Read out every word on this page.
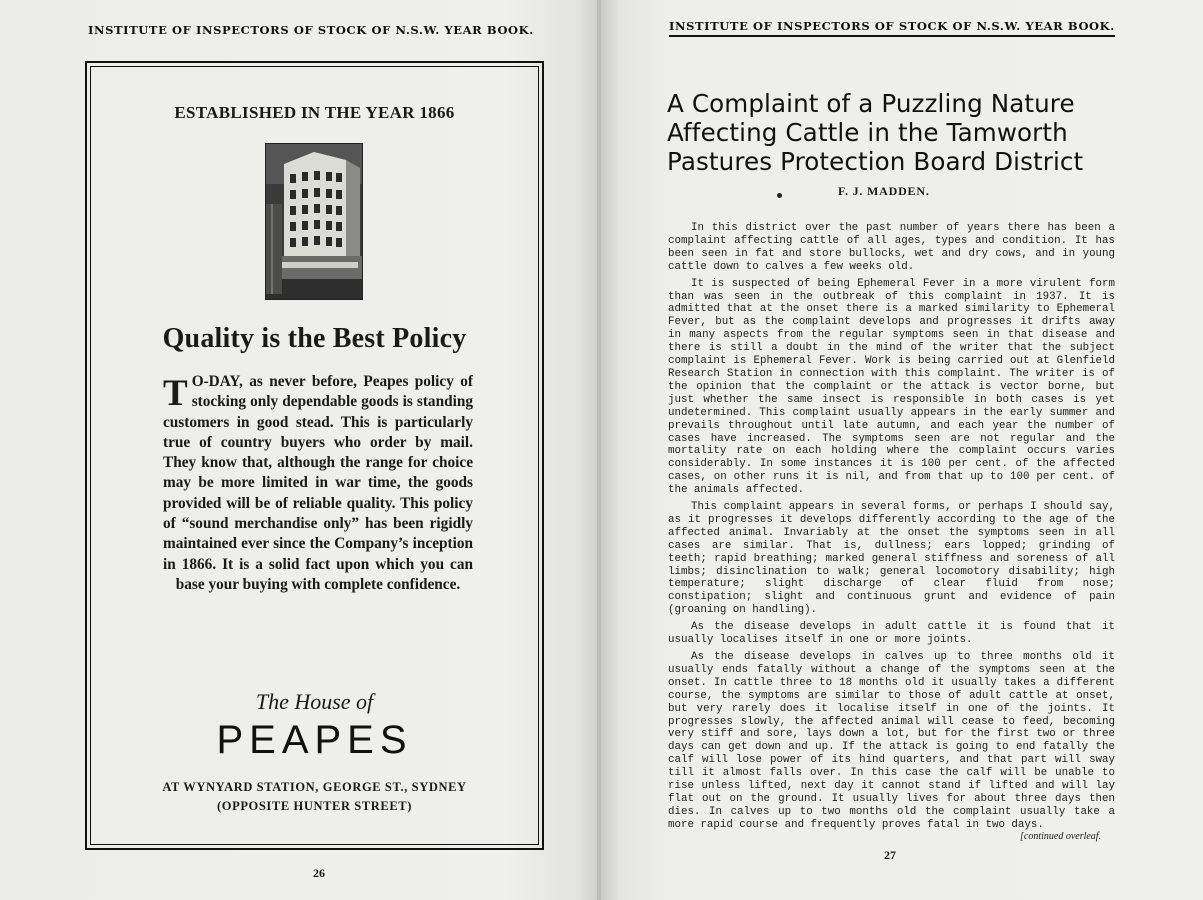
INSTITUTE OF INSPECTORS OF STOCK OF N.S.W. YEAR BOOK.
ESTABLISHED IN THE YEAR 1866
Quality is the Best Policy
T O-DAY, as never before, Peapes policy of stocking only dependable goods is standing customers in good stead. This is particularly true of country buyers who order by mail. They know that, although the range for choice may be more limited in war time, the goods provided will be of reliable quality. This policy of “sound merchandise only” has been rigidly maintained ever since the Company’s inception in 1866. It is a solid fact upon which you can base your buying with complete confidence.
The House of
PEAPES
AT WYNYARD STATION, GEORGE ST., SYDNEY
(OPPOSITE HUNTER STREET)
26
INSTITUTE OF INSPECTORS OF STOCK OF N.S.W. YEAR BOOK.
A Complaint of a Puzzling Nature Affecting Cattle in the Tamworth Pastures Protection Board District
F. J. MADDEN.

In this district over the past number of years there has been a complaint affecting cattle of all ages, types and condition. It has been seen in fat and store bullocks, wet and dry cows, and in young cattle down to calves a few weeks old.

It is suspected of being Ephemeral Fever in a more virulent form than was seen in the outbreak of this complaint in 1937. It is admitted that at the onset there is a marked similarity to Ephemeral Fever, but as the complaint develops and progresses it drifts away in many aspects from the regular symptoms seen in that disease and there is still a doubt in the mind of the writer that the subject complaint is Ephemeral Fever. Work is being carried out at Glenfield Research Station in connection with this complaint. The writer is of the opinion that the complaint or the attack is vector borne, but just whether the same insect is responsible in both cases is yet undetermined. This complaint usually appears in the early summer and prevails throughout until late autumn, and each year the number of cases have increased. The symptoms seen are not regular and the mortality rate on each holding where the complaint occurs varies considerably. In some instances it is 100 per cent. of the affected cases, on other runs it is nil, and from that up to 100 per cent. of the animals affected.

This complaint appears in several forms, or perhaps I should say, as it progresses it develops differently according to the age of the affected animal. Invariably at the onset the symptoms seen in all cases are similar. That is, dullness; ears lopped; grinding of teeth; rapid breathing; marked general stiffness and soreness of all limbs; disinclination to walk; general locomotory disability; high temperature; slight discharge of clear fluid from nose; constipation; slight and continuous grunt and evidence of pain (groaning on handling).

As the disease develops in adult cattle it is found that it usually localises itself in one or more joints.

As the disease develops in calves up to three months old it usually ends fatally without a change of the symptoms seen at the onset. In cattle three to 18 months old it usually takes a different course, the symptoms are similar to those of adult cattle at onset, but very rarely does it localise itself in one of the joints. It progresses slowly, the affected animal will cease to feed, becoming very stiff and sore, lays down a lot, but for the first two or three days can get down and up. If the attack is going to end fatally the calf will lose power of its hind quarters, and that part will sway till it almost falls over. In this case the calf will be unable to rise unless lifted, next day it cannot stand if lifted and will lay flat out on the ground. It usually lives for about three days then dies. In calves up to two months old the complaint usually take a more rapid course and frequently proves fatal in two days.

[continued overleaf.
27
